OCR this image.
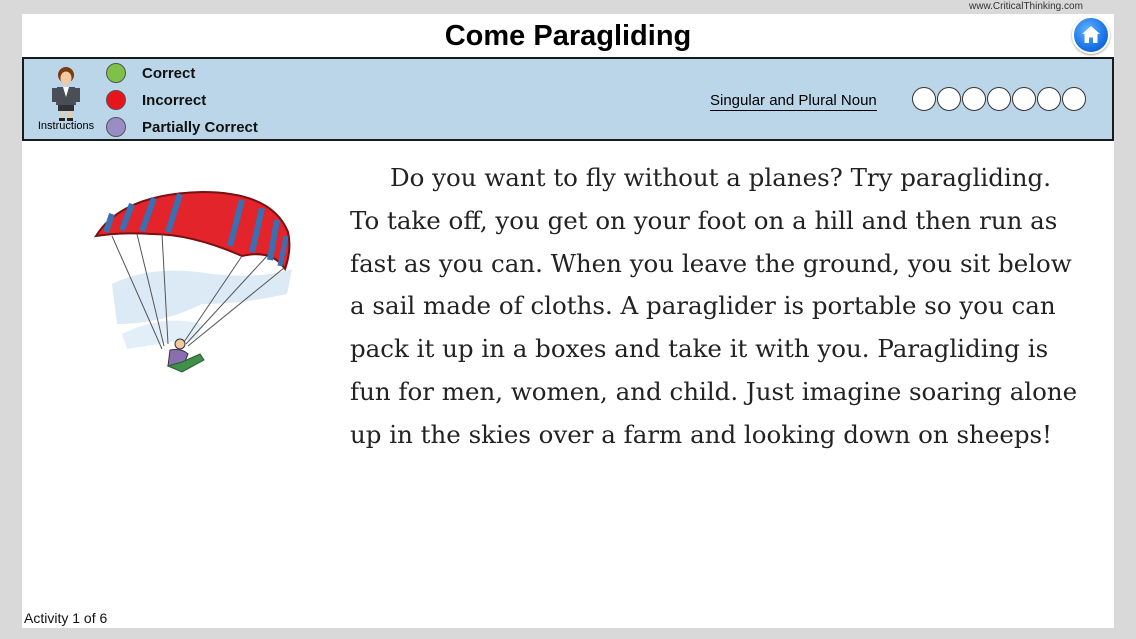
www.CriticalThinking.com
Come Paragliding
Instructions
Correct
Incorrect
Partially Correct
Singular and Plural Noun
Do you want to fly without a planes? Try paragliding. To take off, you get on your foot on a hill and then run as fast as you can. When you leave the ground, you sit below a sail made of cloths. A paraglider is portable so you can pack it up in a boxes and take it with you. Paragliding is fun for men, women, and child. Just imagine soaring alone up in the skies over a farm and looking down on sheeps!
Activity 1 of 6
